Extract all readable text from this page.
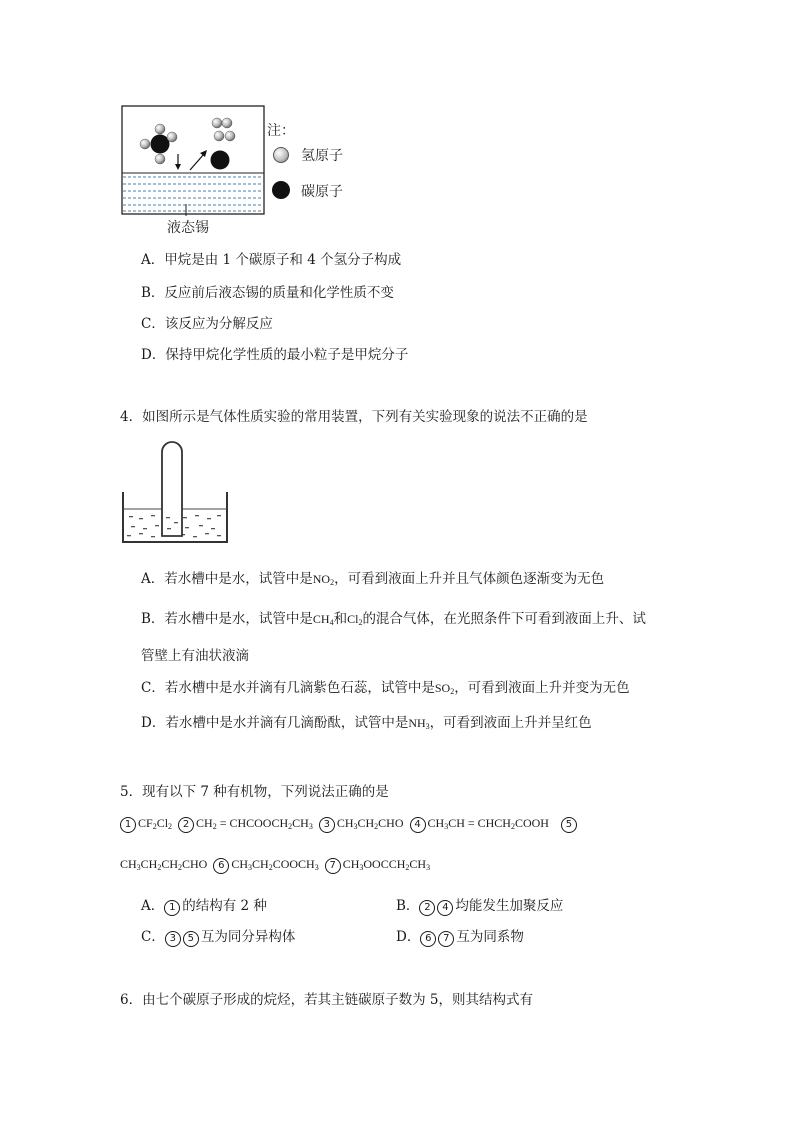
注：
氢原子
碳原子
液态锡
A．甲烷是由 1 个碳原子和 4 个氢分子构成
B．反应前后液态锡的质量和化学性质不变
C．该反应为分解反应
D．保持甲烷化学性质的最小粒子是甲烷分子
4．如图所示是气体性质实验的常用装置，下列有关实验现象的说法不正确的是
A．若水槽中是水，试管中是$NO_2$，可看到液面上升并且气体颜色逐渐变为无色
B．若水槽中是水，试管中是$CH_4$和$Cl_2$的混合气体，在光照条件下可看到液面上升、试
管壁上有油状液滴
C．若水槽中是水并滴有几滴紫色石蕊，试管中是$SO_2$，可看到液面上升并变为无色
D．若水槽中是水并滴有几滴酚酞，试管中是$NH_3$，可看到液面上升并呈红色
5．现有以下 7 种有机物，下列说法正确的是
1 $CF_2Cl_2$ 2 $CH_2$ = $CHCOOCH_2CH_3$ 3 $CH_3CH_2CHO$  4 $CH_3CH$ = $CHCH_2COOH$    5
$CH_3CH_2CH_2CHO$  6 $CH_3CH_2COOCH_3$ 7 $CH_3OOCCH_2CH_3$
A． 1 的结构有 2 种	B． 2 4 均能发生加聚反应
C． 3 5 互为同分异构体	D． 6 7 互为同系物
6．由七个碳原子形成的烷烃，若其主链碳原子数为 5，则其结构式有
